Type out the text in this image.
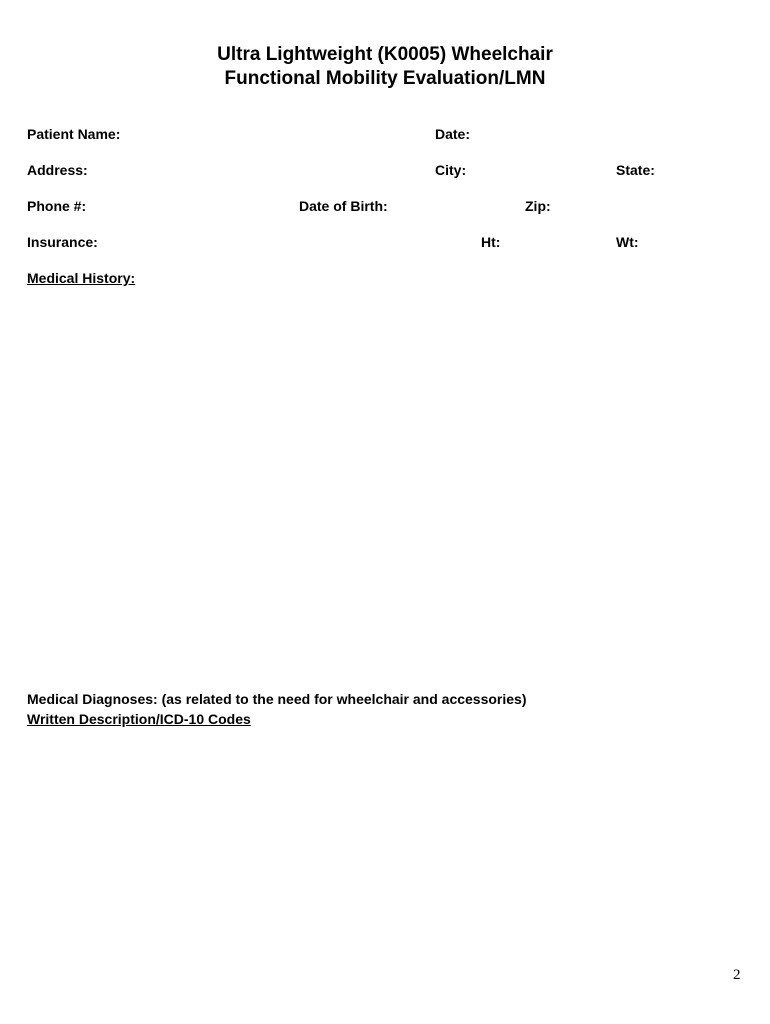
Ultra Lightweight (K0005) Wheelchair
Functional Mobility Evaluation/LMN
Patient Name:	Date:
Address:	City:	State:
Phone #:	Date of Birth:	Zip:
Insurance:	Ht:	Wt:
Medical History:
Medical Diagnoses: (as related to the need for wheelchair and accessories)
Written Description/ICD-10 Codes
2
